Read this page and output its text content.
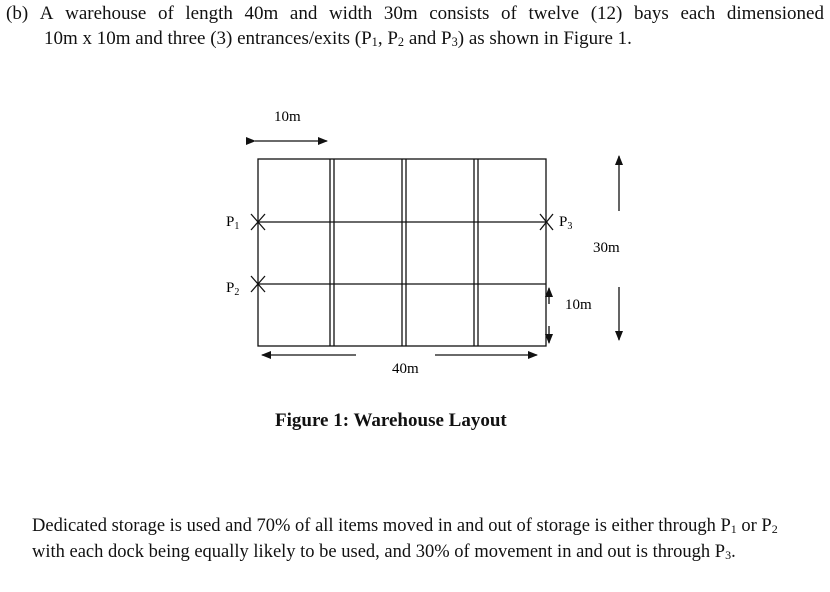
(b) A warehouse of length 40m and width 30m consists of twelve (12) bays each dimensioned
10m x 10m and three (3) entrances/exits ($P_1$, $P_2$ and $P_3$) as shown in Figure 1.
10m
$P_1$
$P_2$
$P_3$
10m
30m
40m

Figure 1: Warehouse Layout

Dedicated storage is used and 70% of all items moved in and out of storage is either through $P_1$ or $P_2$ with each dock being equally likely to be used, and 30% of movement in and out is through $P_3$.
